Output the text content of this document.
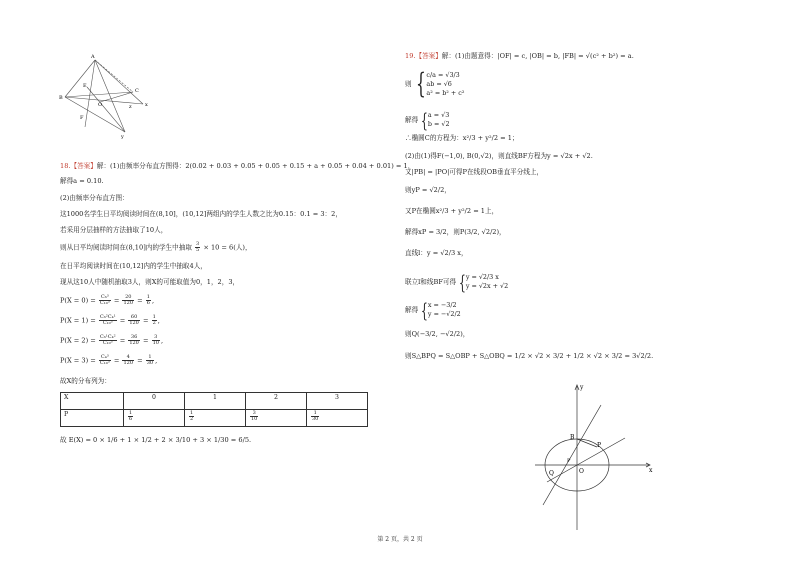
B
O	x
E
F
A
z
y
C
18.【答案】解：(1)由频率分布直方图得：2(0.02 + 0.03 + 0.05 + 0.05 + 0.15 + a + 0.05 + 0.04 + 0.01) = 1，
解得a = 0.10.
(2)由频率分布直方图：
这1000名学生日平均阅读时间在(8,10]，(10,12]两组内的学生人数之比为0.15：0.1 = 3：2，
若采用分层抽样的方法抽取了10人，
则从日平均阅读时间在(8,10]内的学生中抽取 $\frac{3}{5} \times 10 = 6$(人)，
在日平均阅读时间在(10,12]内的学生中抽取4人，
现从这10人中随机抽取3人，则X的可能取值为0，1，2，3，
$P(X = 0) = \frac{\text{C₆³}}{\text{C₁₀³}} = \frac{20}{120} = \frac{1}{6}$ ,
$P(X = 1) = \frac{\text{C₆²C₄¹}}{\text{C₁₀³}} = \frac{60}{120} = \frac{1}{2}$ ,
$P(X = 2) = \frac{\text{C₆¹C₄²}}{\text{C₁₀³}} = \frac{36}{120} = \frac{3}{10}$ ,
$P(X = 3) = \frac{\text{C₄³}}{\text{C₁₀³}} = \frac{4}{120} = \frac{1}{30}$ ,
故X的分布列为：
X	0	1	2	3
P	$\frac{1}{6}$	$\frac{1}{2}$	$\frac{3}{10}$	$\frac{1}{30}$
故 E(X) = 0 × 1/6 + 1 × 1/2 + 2 × 3/10 + 3 × 1/30 = 6/5.
19.【答案】解：(1)由题意得：|OF| = c, |OB| = b, |FB| = √(c² + b²) = a.
则 { c/a = √3/3
ab = √6
a² = b² + c²
解得 { a = √3
b = √2
∴椭圆C的方程为：x²/3 + y²/2 = 1；
(2)由(1)得F(−1,0), B(0,√2)，则直线BF方程为y = √2x + √2.
又|PB| = |PO|可得P在线段OB垂直平分线上，
则yP = √2/2，
又P在椭圆x²/3 + y²/2 = 1上，
解得xP = 3/2，则P(3/2, √2/2)，
直线l：y = √2/3 x，
联立l和线BF可得 { y = √2/3 x
y = √2x + √2
解得 { x = −3/2
y = −√2/2
则Q(−3/2, −√2/2)，
则S△BPQ = S△OBP + S△OBQ = 1/2 × √2 × 3/2 + 1/2 × √2 × 3/2 = 3√2/2.
y
x
B
P
O
Q
P
第 2 页，共 2 页
